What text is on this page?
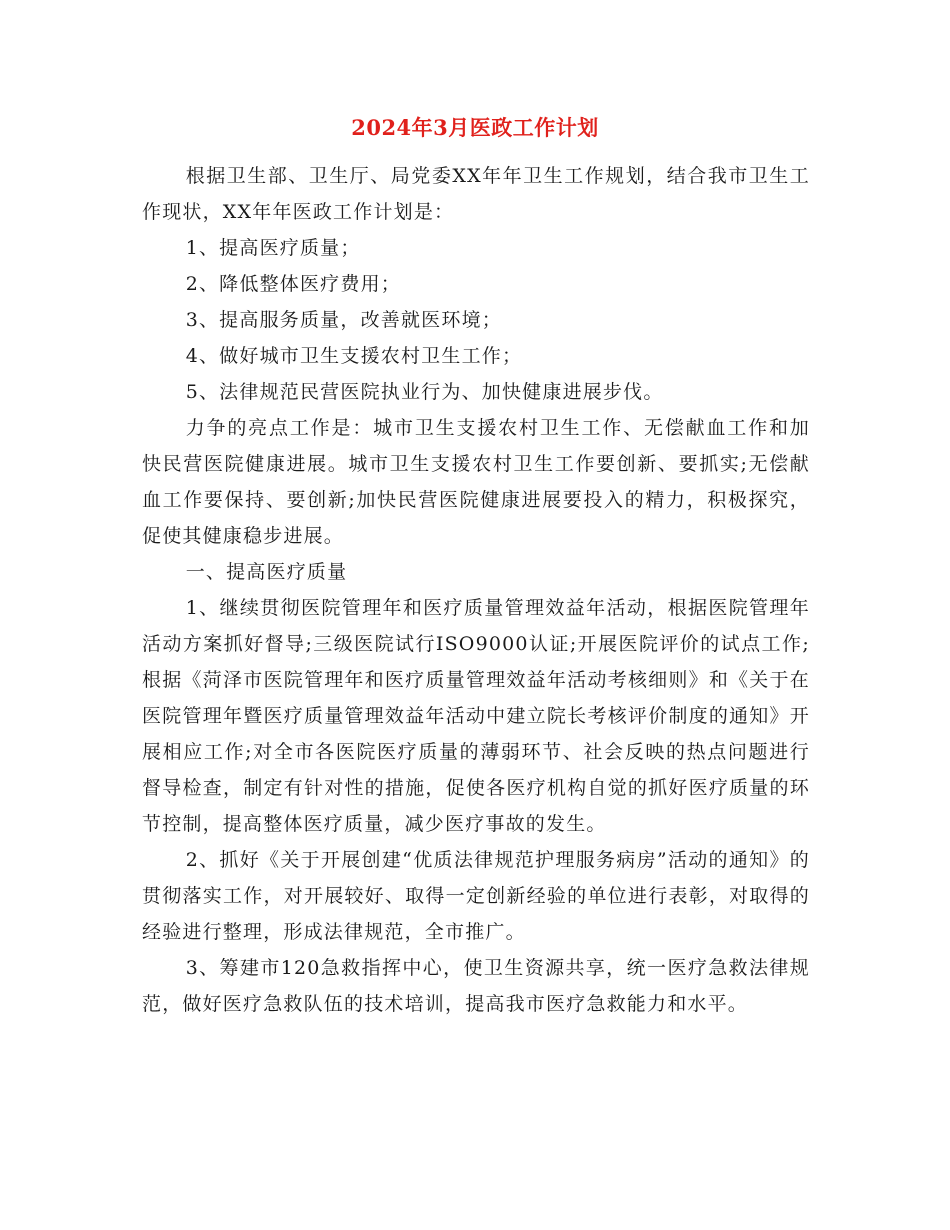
2024年3月医政工作计划

根据卫生部、卫生厅、局党委XX年年卫生工作规划，结合我市卫生工作现状，XX年年医政工作计划是：

1、提高医疗质量；

2、降低整体医疗费用；

3、提高服务质量，改善就医环境；

4、做好城市卫生支援农村卫生工作；

5、法律规范民营医院执业行为、加快健康进展步伐。

力争的亮点工作是：城市卫生支援农村卫生工作、无偿献血工作和加快民营医院健康进展。城市卫生支援农村卫生工作要创新、要抓实;无偿献血工作要保持、要创新;加快民营医院健康进展要投入的精力，积极探究，促使其健康稳步进展。

一、提高医疗质量

1、继续贯彻医院管理年和医疗质量管理效益年活动，根据医院管理年活动方案抓好督导;三级医院试行ISO9000认证;开展医院评价的试点工作;根据《菏泽市医院管理年和医疗质量管理效益年活动考核细则》和《关于在医院管理年暨医疗质量管理效益年活动中建立院长考核评价制度的通知》开展相应工作;对全市各医院医疗质量的薄弱环节、社会反映的热点问题进行督导检查，制定有针对性的措施，促使各医疗机构自觉的抓好医疗质量的环节控制，提高整体医疗质量，减少医疗事故的发生。

2、抓好《关于开展创建“优质法律规范护理服务病房”活动的通知》的贯彻落实工作，对开展较好、取得一定创新经验的单位进行表彰，对取得的经验进行整理，形成法律规范，全市推广。

3、筹建市120急救指挥中心，使卫生资源共享，统一医疗急救法律规范，做好医疗急救队伍的技术培训，提高我市医疗急救能力和水平。
